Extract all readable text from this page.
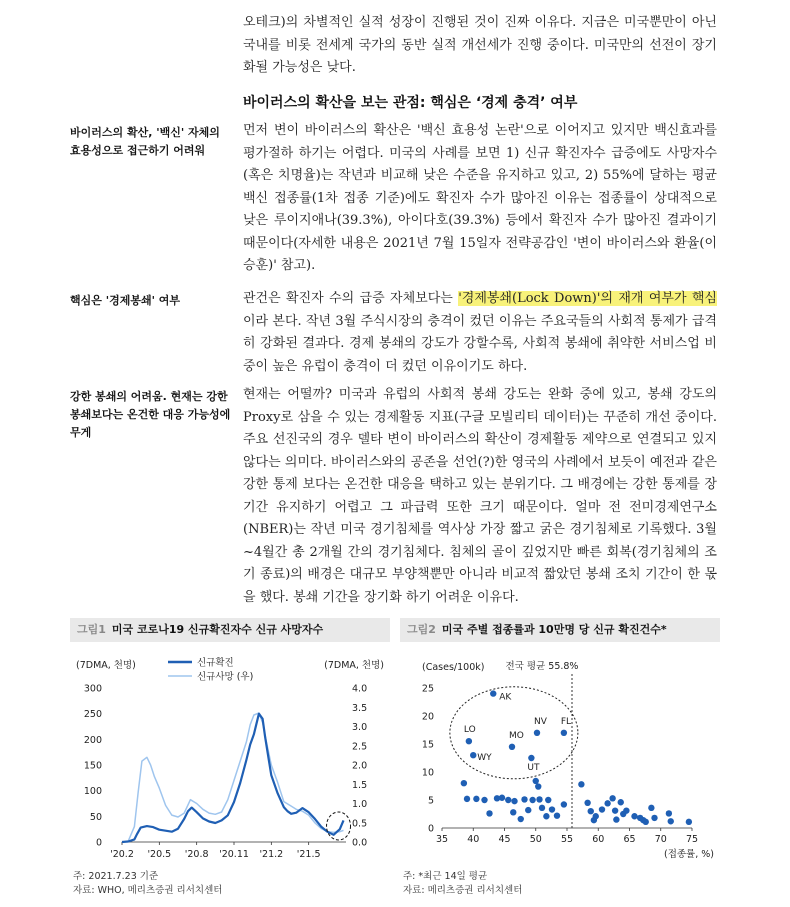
오테크)의 차별적인 실적 성장이 진행된 것이 진짜 이유다. 지금은 미국뿐만이 아닌 국내를 비롯 전세계 국가의 동반 실적 개선세가 진행 중이다. 미국만의 선전이 장기화될 가능성은 낮다.

바이러스의 확산을 보는 관점: 핵심은 ‘경제 충격’ 여부
바이러스의 확산, '백신' 자체의 효용성으로 접근하기 어려워

먼저 변이 바이러스의 확산은 '백신 효용성 논란'으로 이어지고 있지만 백신효과를 평가절하 하기는 어렵다. 미국의 사례를 보면 1) 신규 확진자수 급증에도 사망자수(혹은 치명율)는 작년과 비교해 낮은 수준을 유지하고 있고, 2) 55%에 달하는 평균 백신 접종률(1차 접종 기준)에도 확진자 수가 많아진 이유는 접종률이 상대적으로 낮은 루이지애나(39.3%), 아이다호(39.3%) 등에서 확진자 수가 많아진 결과이기 때문이다(자세한 내용은 2021년 7월 15일자 전략공감인 '변이 바이러스와 환율(이승훈)' 참고).

핵심은 '경제봉쇄' 여부	관건은 확진자 수의 급증 자체보다는 '경제봉쇄(Lock Down)'의 재개 여부가 핵심이라 본다. 작년 3월 주식시장의 충격이 컸던 이유는 주요국들의 사회적 통제가 급격히 강화된 결과다. 경제 봉쇄의 강도가 강할수록, 사회적 봉쇄에 취약한 서비스업 비중이 높은 유럽이 충격이 더 컸던 이유이기도 하다.

강한 봉쇄의 어려움. 현재는 강한 봉쇄보다는 온건한 대응 가능성에 무게

현재는 어떨까? 미국과 유럽의 사회적 봉쇄 강도는 완화 중에 있고, 봉쇄 강도의 Proxy로 삼을 수 있는 경제활동 지표(구글 모빌리티 데이터)는 꾸준히 개선 중이다. 주요 선진국의 경우 델타 변이 바이러스의 확산이 경제활동 제약으로 연결되고 있지 않다는 의미다. 바이러스와의 공존을 선언(?)한 영국의 사례에서 보듯이 예전과 같은 강한 통제 보다는 온건한 대응을 택하고 있는 분위기다. 그 배경에는 강한 통제를 장기간 유지하기 어렵고 그 파급력 또한 크기 때문이다. 얼마 전 전미경제연구소(NBER)는 작년 미국 경기침체를 역사상 가장 짧고 굵은 경기침체로 기록했다. 3월~4월간 총 2개월 간의 경기침체다. 침체의 골이 깊었지만 빠른 회복(경기침체의 조기 종료)의 배경은 대규모 부양책뿐만 아니라 비교적 짧았던 봉쇄 조치 기간이 한 몫을 했다. 봉쇄 기간을 장기화 하기 어려운 이유다.

그림1 미국 코로나19 신규확진자수 신규 사망자수
(7DMA, 천명)	(7DMA, 천명)
300
250
200
150
100
50
0
4.0
3.5
3.0
2.5
2.0
1.5
1.0
0.5
0.0
'20.2 '20.5 '20.8 '20.11 '21.2 '21.5
신규확진
신규사망 (우)
주: 2021.7.23 기준
자료: WHO, 메리츠증권 리서치센터
그림2 미국 주별 접종률과 10만명 당 신규 확진건수*
(Cases/100k)
(접종률, %)
25
20
15
10
5
0
35 40 45 50 55 60 65 70 75
전국 평균 55.8%
AK
LO
MO
NV FL
WY
UT
주: *최근 14일 평균
자료: 메리츠증권 리서치센터
